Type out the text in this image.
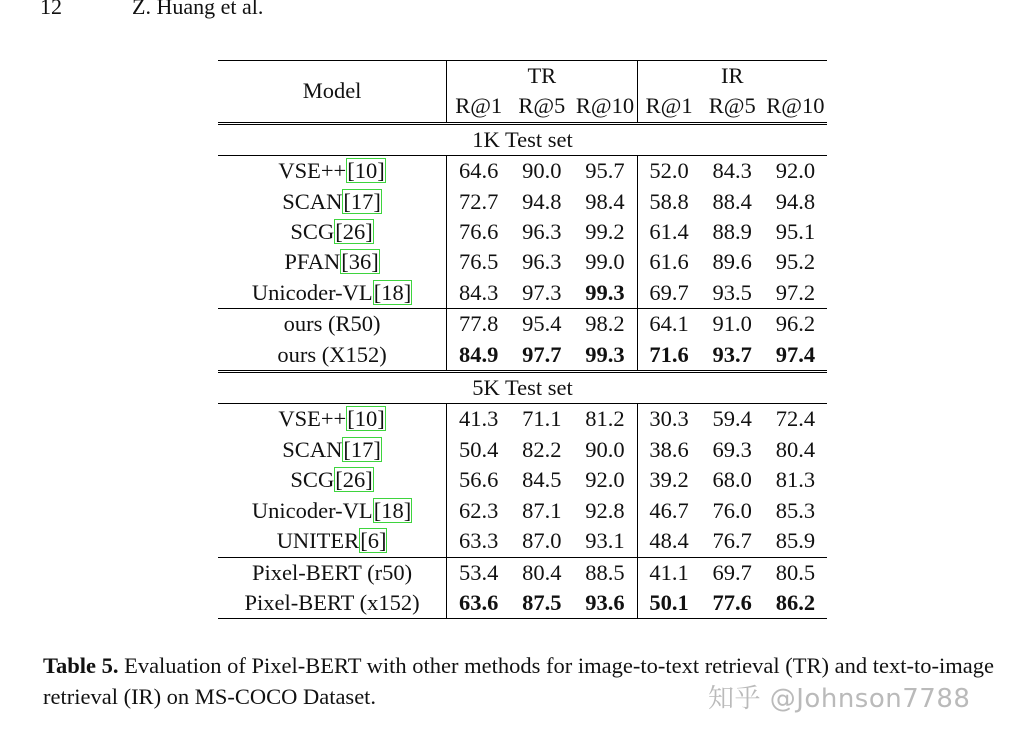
12	Z. Huang et al.
Model	TR			IR		
	R@1	R@5	R@10	R@1	R@5	R@10
1K Test set						
VSE++[10]	64.6	90.0	95.7	52.0	84.3	92.0
SCAN[17]	72.7	94.8	98.4	58.8	88.4	94.8
SCG[26]	76.6	96.3	99.2	61.4	88.9	95.1
PFAN[36]	76.5	96.3	99.0	61.6	89.6	95.2
Unicoder-VL[18]	84.3	97.3	99.3	69.7	93.5	97.2
ours (R50)	77.8	95.4	98.2	64.1	91.0	96.2
ours (X152)	84.9	97.7	99.3	71.6	93.7	97.4
5K Test set						
VSE++[10]	41.3	71.1	81.2	30.3	59.4	72.4
SCAN[17]	50.4	82.2	90.0	38.6	69.3	80.4
SCG[26]	56.6	84.5	92.0	39.2	68.0	81.3
Unicoder-VL[18]	62.3	87.1	92.8	46.7	76.0	85.3
UNITER[6]	63.3	87.0	93.1	48.4	76.7	85.9
Pixel-BERT (r50)	53.4	80.4	88.5	41.1	69.7	80.5
Pixel-BERT (x152)	63.6	87.5	93.6	50.1	77.6	86.2
Table 5. Evaluation of Pixel-BERT with other methods for image-to-text retrieval (TR) and text-to-image retrieval (IR) on MS-COCO Dataset.	知乎 @Johnson7788
